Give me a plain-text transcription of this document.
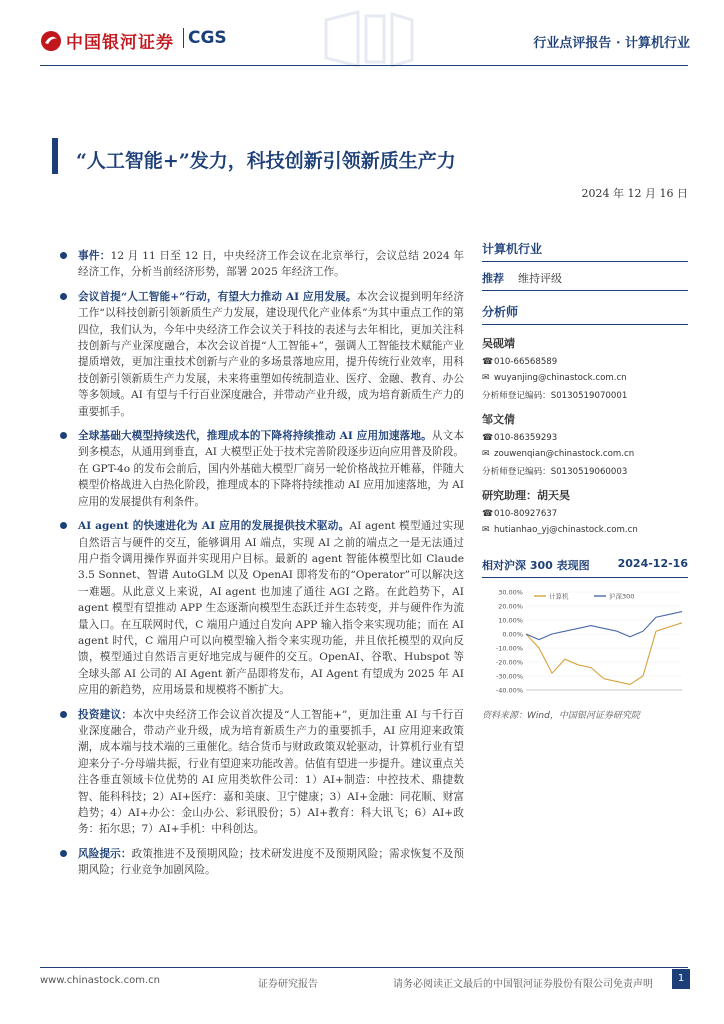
中国银河证券 CGS	行业点评报告 · 计算机行业
“人工智能+”发力，科技创新引领新质生产力
2024 年 12 月 16 日
事件：12 月 11 日至 12 日，中央经济工作会议在北京举行，会议总结 2024 年经济工作，分析当前经济形势，部署 2025 年经济工作。
会议首提“人工智能+”行动，有望大力推动 AI 应用发展。本次会议提到明年经济工作“以科技创新引领新质生产力发展，建设现代化产业体系”为其中重点工作的第四位，我们认为，今年中央经济工作会议关于科技的表述与去年相比，更加关注科技创新与产业深度融合，本次会议首提“人工智能+”，强调人工智能技术赋能产业提质增效，更加注重技术创新与产业的多场景落地应用，提升传统行业效率，用科技创新引领新质生产力发展，未来将重塑如传统制造业、医疗、金融、教育、办公等多领域。AI 有望与千行百业深度融合，并带动产业升级，成为培育新质生产力的重要抓手。
全球基础大模型持续迭代，推理成本的下降将持续推动 AI 应用加速落地。从文本到多模态，从通用到垂直，AI 大模型正处于技术完善阶段逐步迈向应用普及阶段。在 GPT-4o 的发布会前后，国内外基础大模型厂商另一轮价格战拉开帷幕，伴随大模型价格战进入白热化阶段，推理成本的下降将持续推动 AI 应用加速落地，为 AI 应用的发展提供有利条件。
AI agent 的快速进化为 AI 应用的发展提供技术驱动。AI agent 模型通过实现自然语言与硬件的交互，能够调用 AI 端点，实现 AI 之前的端点之一是无法通过用户指令调用操作界面并实现用户目标。最新的 agent 智能体模型比如 Claude 3.5 Sonnet、智谱 AutoGLM 以及 OpenAI 即将发布的“Operator”可以解决这一难题。从此意义上来说，AI agent 也加速了通往 AGI 之路。在此趋势下，AI agent 模型有望推动 APP 生态逐渐向模型生态跃迁并生态转变，并与硬件作为流量入口。在互联网时代，C 端用户通过自发向 APP 输入指令来实现功能；而在 AI agent 时代，C 端用户可以向模型输入指令来实现功能，并且依托模型的双向反馈，模型通过自然语言更好地完成与硬件的交互。OpenAI、谷歌、Hubspot 等全球头部 AI 公司的 AI Agent 新产品即将发布，AI Agent 有望成为 2025 年 AI 应用的新趋势，应用场景和规模将不断扩大。
投资建议：本次中央经济工作会议首次提及“人工智能+”，更加注重 AI 与千行百业深度融合，带动产业升级，成为培育新质生产力的重要抓手，AI 应用迎来政策潮，成本端与技术端的三重催化。结合货币与财政政策双轮驱动，计算机行业有望迎来分子-分母端共振，行业有望迎来功能改善。估值有望进一步提升。建议重点关注各垂直领域卡位优势的 AI 应用类软件公司：1）AI+制造：中控技术、鼎捷数智、能科科技；2）AI+医疗：嘉和美康、卫宁健康；3）AI+金融：同花顺、财富趋势；4）AI+办公：金山办公、彩讯股份；5）AI+教育：科大讯飞；6）AI+政务：拓尔思；7）AI+手机：中科创达。
风险提示：政策推进不及预期风险；技术研发进度不及预期风险；需求恢复不及预期风险；行业竞争加剧风险。
计算机行业
推荐 维持评级
分析师
吴砚靖
☎010-66568589
✉ wuyanjing@chinastock.com.cn
分析师登记编码：S0130519070001
邹文倩
☎010-86359293
✉ zouwenqian@chinastock.com.cn
分析师登记编码：S0130519060003
研究助理：胡天昊
☎010-80927637
✉ hutianhao_yj@chinastock.com.cn
相对沪深 300 表现图	2024-12-16
30.00%
20.00%
10.00%
0.00%
-10.00%
-20.00%
-30.00%
-40.00%
计算机	沪深300
资料来源：Wind，中国银河证券研究院
www.chinastock.com.cn	证券研究报告	请务必阅读正文最后的中国银河证券股份有限公司免责声明
1
